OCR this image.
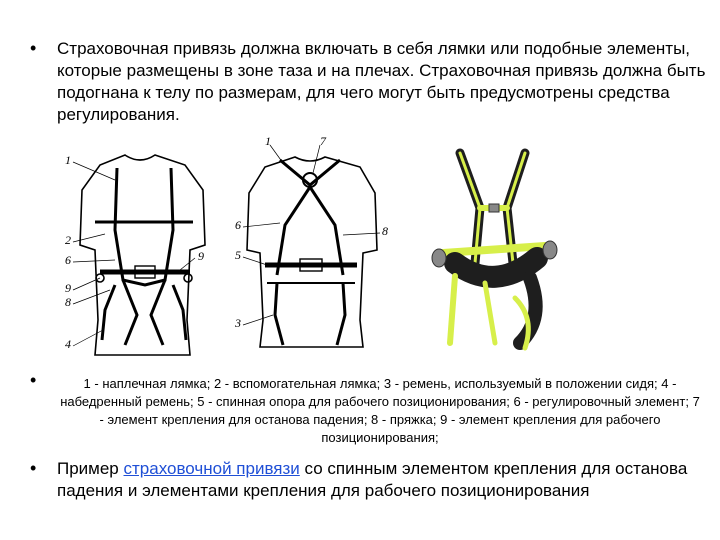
• Страховочная привязь должна включать в себя лямки или подобные элементы, которые размещены в зоне таза и на плечах. Страховочная привязь должна быть подогнана к телу по размерам, для чего могут быть предусмотрены средства регулирования.
1
2
6
9
8
4
9
1	7
6
5
3
8
•	1 - наплечная лямка; 2 - вспомогательная лямка; 3 - ремень, используемый в положении сидя; 4 - набедренный ремень; 5 - спинная опора для рабочего позиционирования; 6 - регулировочный элемент; 7 - элемент крепления для останова падения; 8 - пряжка; 9 - элемент крепления для рабочего позиционирования;
• Пример страховочной привязи со спинным элементом крепления для останова падения и элементами крепления для рабочего позиционирования
